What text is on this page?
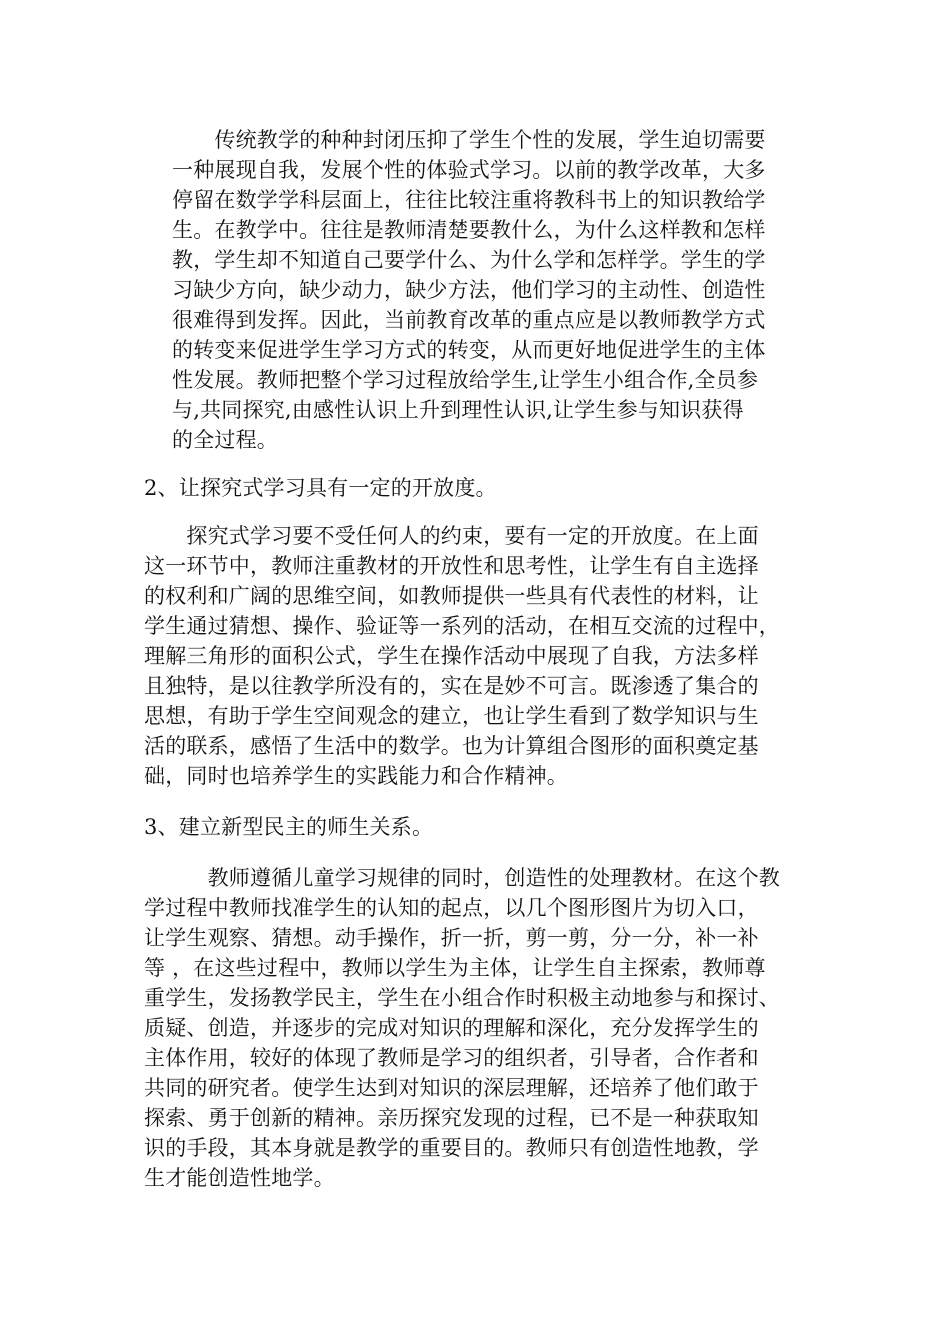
　　传统教学的种种封闭压抑了学生个性的发展，学生迫切需要
一种展现自我，发展个性的体验式学习。以前的教学改革，大多
停留在数学学科层面上，往往比较注重将教科书上的知识教给学
生。在教学中。往往是教师清楚要教什么，为什么这样教和怎样
教，学生却不知道自己要学什么、为什么学和怎样学。学生的学
习缺少方向，缺少动力，缺少方法，他们学习的主动性、创造性
很难得到发挥。因此，当前教育改革的重点应是以教师教学方式
的转变来促进学生学习方式的转变，从而更好地促进学生的主体
性发展。教师把整个学习过程放给学生,让学生小组合作,全员参
与,共同探究,由感性认识上升到理性认识,让学生参与知识获得
的全过程。
2、让探究式学习具有一定的开放度。
　　探究式学习要不受任何人的约束，要有一定的开放度。在上面
这一环节中，教师注重教材的开放性和思考性，让学生有自主选择
的权利和广阔的思维空间，如教师提供一些具有代表性的材料，让
学生通过猜想、操作、验证等一系列的活动，在相互交流的过程中，
理解三角形的面积公式，学生在操作活动中展现了自我，方法多样
且独特，是以往教学所没有的，实在是妙不可言。既渗透了集合的
思想，有助于学生空间观念的建立，也让学生看到了数学知识与生
活的联系，感悟了生活中的数学。也为计算组合图形的面积奠定基
础，同时也培养学生的实践能力和合作精神。
3、建立新型民主的师生关系。
　　　教师遵循儿童学习规律的同时，创造性的处理教材。在这个教
学过程中教师找准学生的认知的起点，以几个图形图片为切入口，
让学生观察、猜想。动手操作，折一折，剪一剪，分一分，补一补
等 ，在这些过程中，教师以学生为主体，让学生自主探索，教师尊
重学生，发扬教学民主，学生在小组合作时积极主动地参与和探讨、
质疑、创造，并逐步的完成对知识的理解和深化，充分发挥学生的
主体作用，较好的体现了教师是学习的组织者，引导者，合作者和
共同的研究者。使学生达到对知识的深层理解，还培养了他们敢于
探索、勇于创新的精神。亲历探究发现的过程，已不是一种获取知
识的手段，其本身就是教学的重要目的。教师只有创造性地教，学
生才能创造性地学。
